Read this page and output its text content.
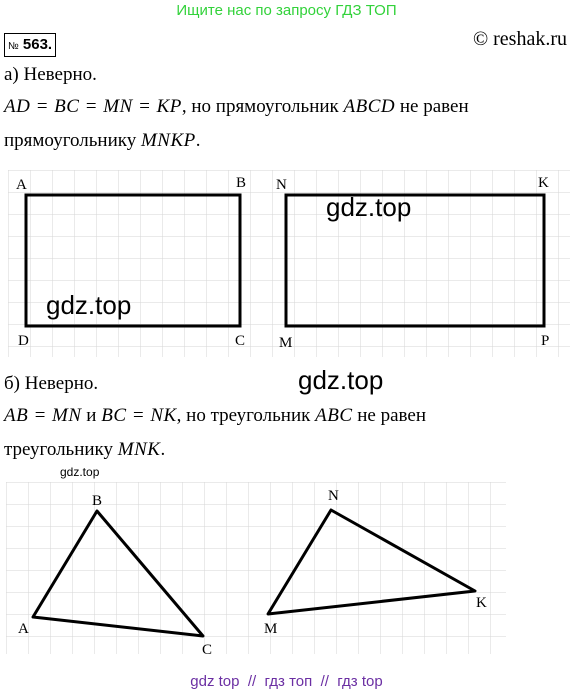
Ищите нас по запросу ГДЗ ТОП
№ 563.	© reshak.ru
а) Неверно.
AD = BC = MN = KP, но прямоугольник ABCD не равен
прямоугольнику MNKP.
A	B
C
D
N	K
P
M
gdz.top
gdz.top
gdz.top
б) Неверно.
AB = MN и BC = NK, но треугольник ABC не равен
треугольнику MNK.
gdz.top
A
B
C
M
N
K
gdz top  //  гдз топ  //  гдз top
